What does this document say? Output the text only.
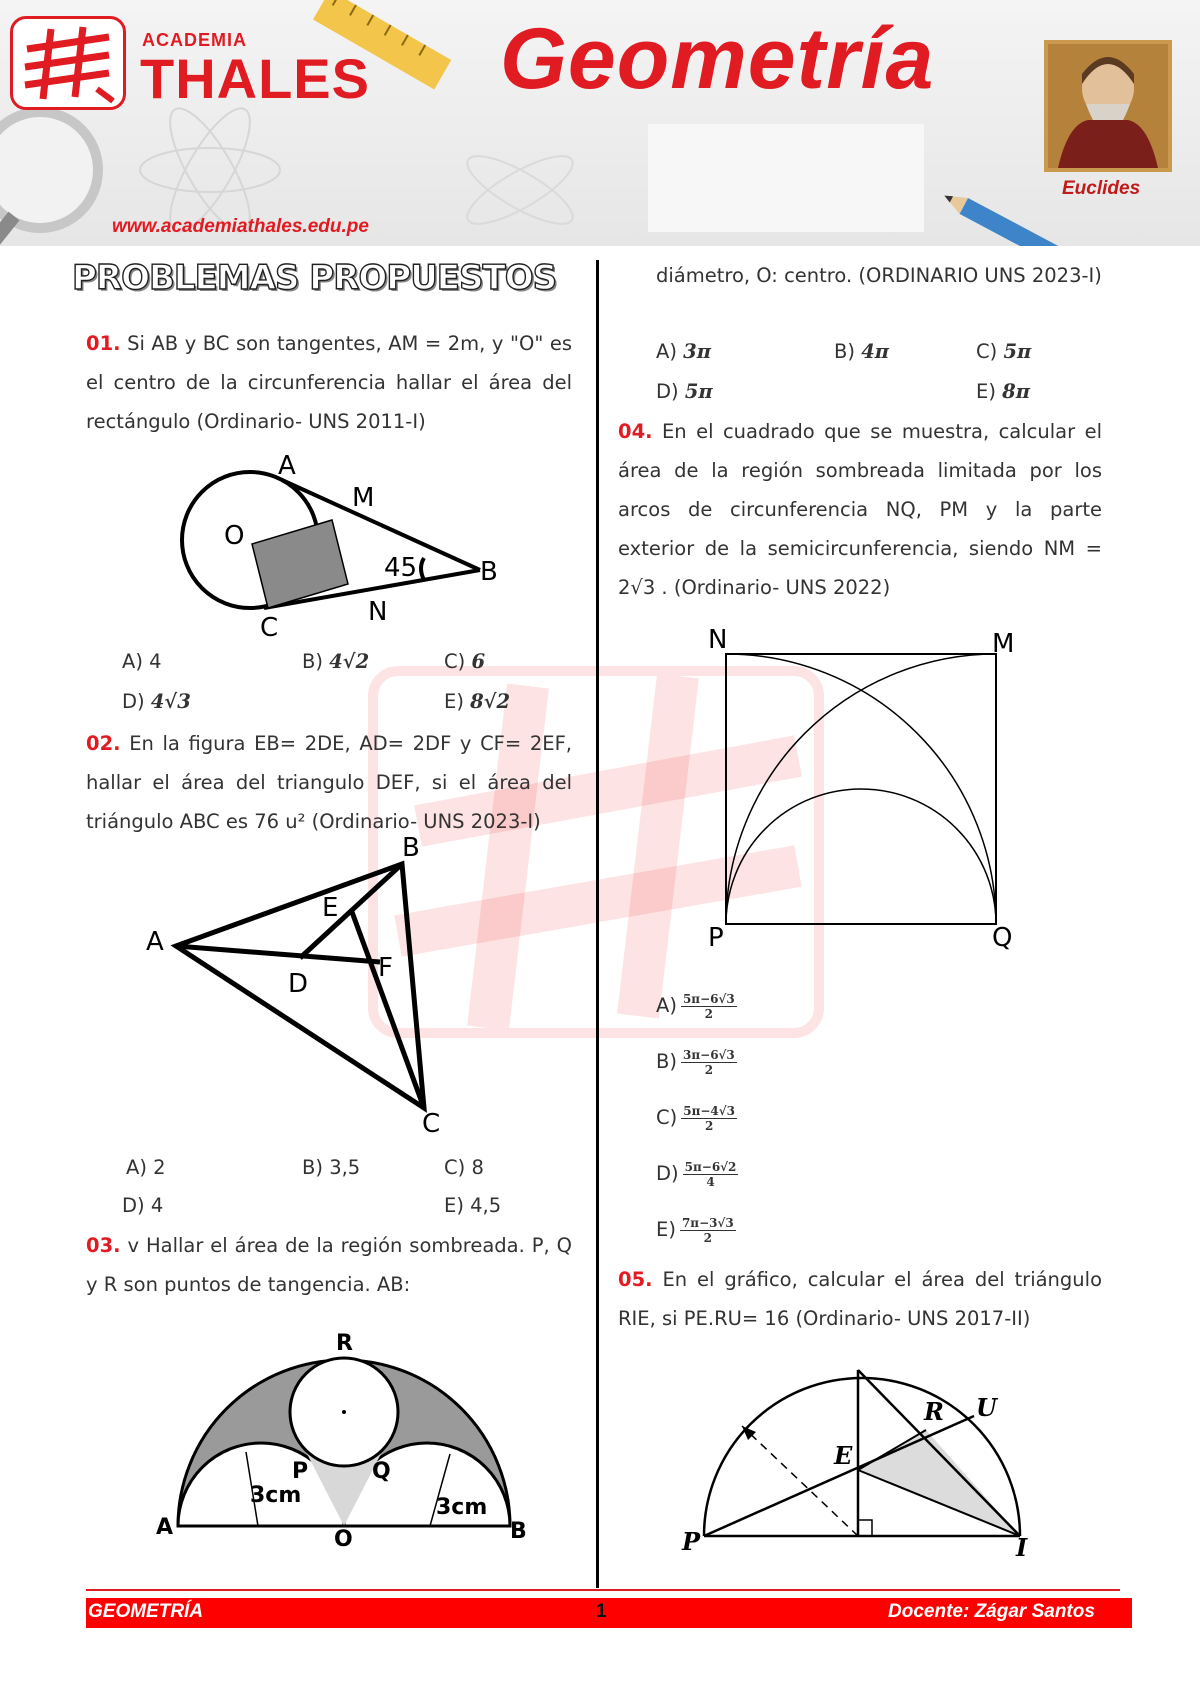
ACADEMIA
THALES
www.academiathales.edu.pe
Geometría
Euclides
PROBLEMAS PROPUESTOS
01. Si AB y BC son tangentes, AM = 2m, y "O" es el centro de la circunferencia hallar el área del rectángulo (Ordinario- UNS 2011-I)
A
M
O
45 B
N
C
A) 4	B) 4√2	C) 6
D) 4√3	E) 8√2
02. En la figura EB= 2DE, AD= 2DF y CF= 2EF, hallar el área del triangulo DEF, si el área del triángulo ABC es 76 u² (Ordinario- UNS 2023-I)
B
E
A
D
F
C
A) 2	B) 3,5	C) 8
D) 4	E) 4,5
03. v Hallar el área de la región sombreada. P, Q y R son puntos de tangencia. AB:
R
P	Q
3cm	3cm
A	O	B
diámetro, O: centro. (ORDINARIO UNS 2023-I)
A) 3π	B) 4π	C) 5π
D) 5π	E) 8π
04. En el cuadrado que se muestra, calcular el área de la región sombreada limitada por los arcos de circunferencia NQ, PM y la parte exterior de la semicircunferencia, siendo NM = 2√3 . (Ordinario- UNS 2022)
N	M
P	Q
$A) \frac{5\pi-6√3}{2}$
$B) \frac{3\pi-6√3}{2}$
$C) \frac{5\pi-4√3}{2}$
$D) \frac{5\pi-6√2}{4}$
$E) \frac{7\pi-3√3}{2}$
05. En el gráfico, calcular el área del triángulo RIE, si PE.RU= 16 (Ordinario- UNS 2017-II)
U
R
E
P	I
GEOMETRÍA	1	Docente: Zágar Santos
